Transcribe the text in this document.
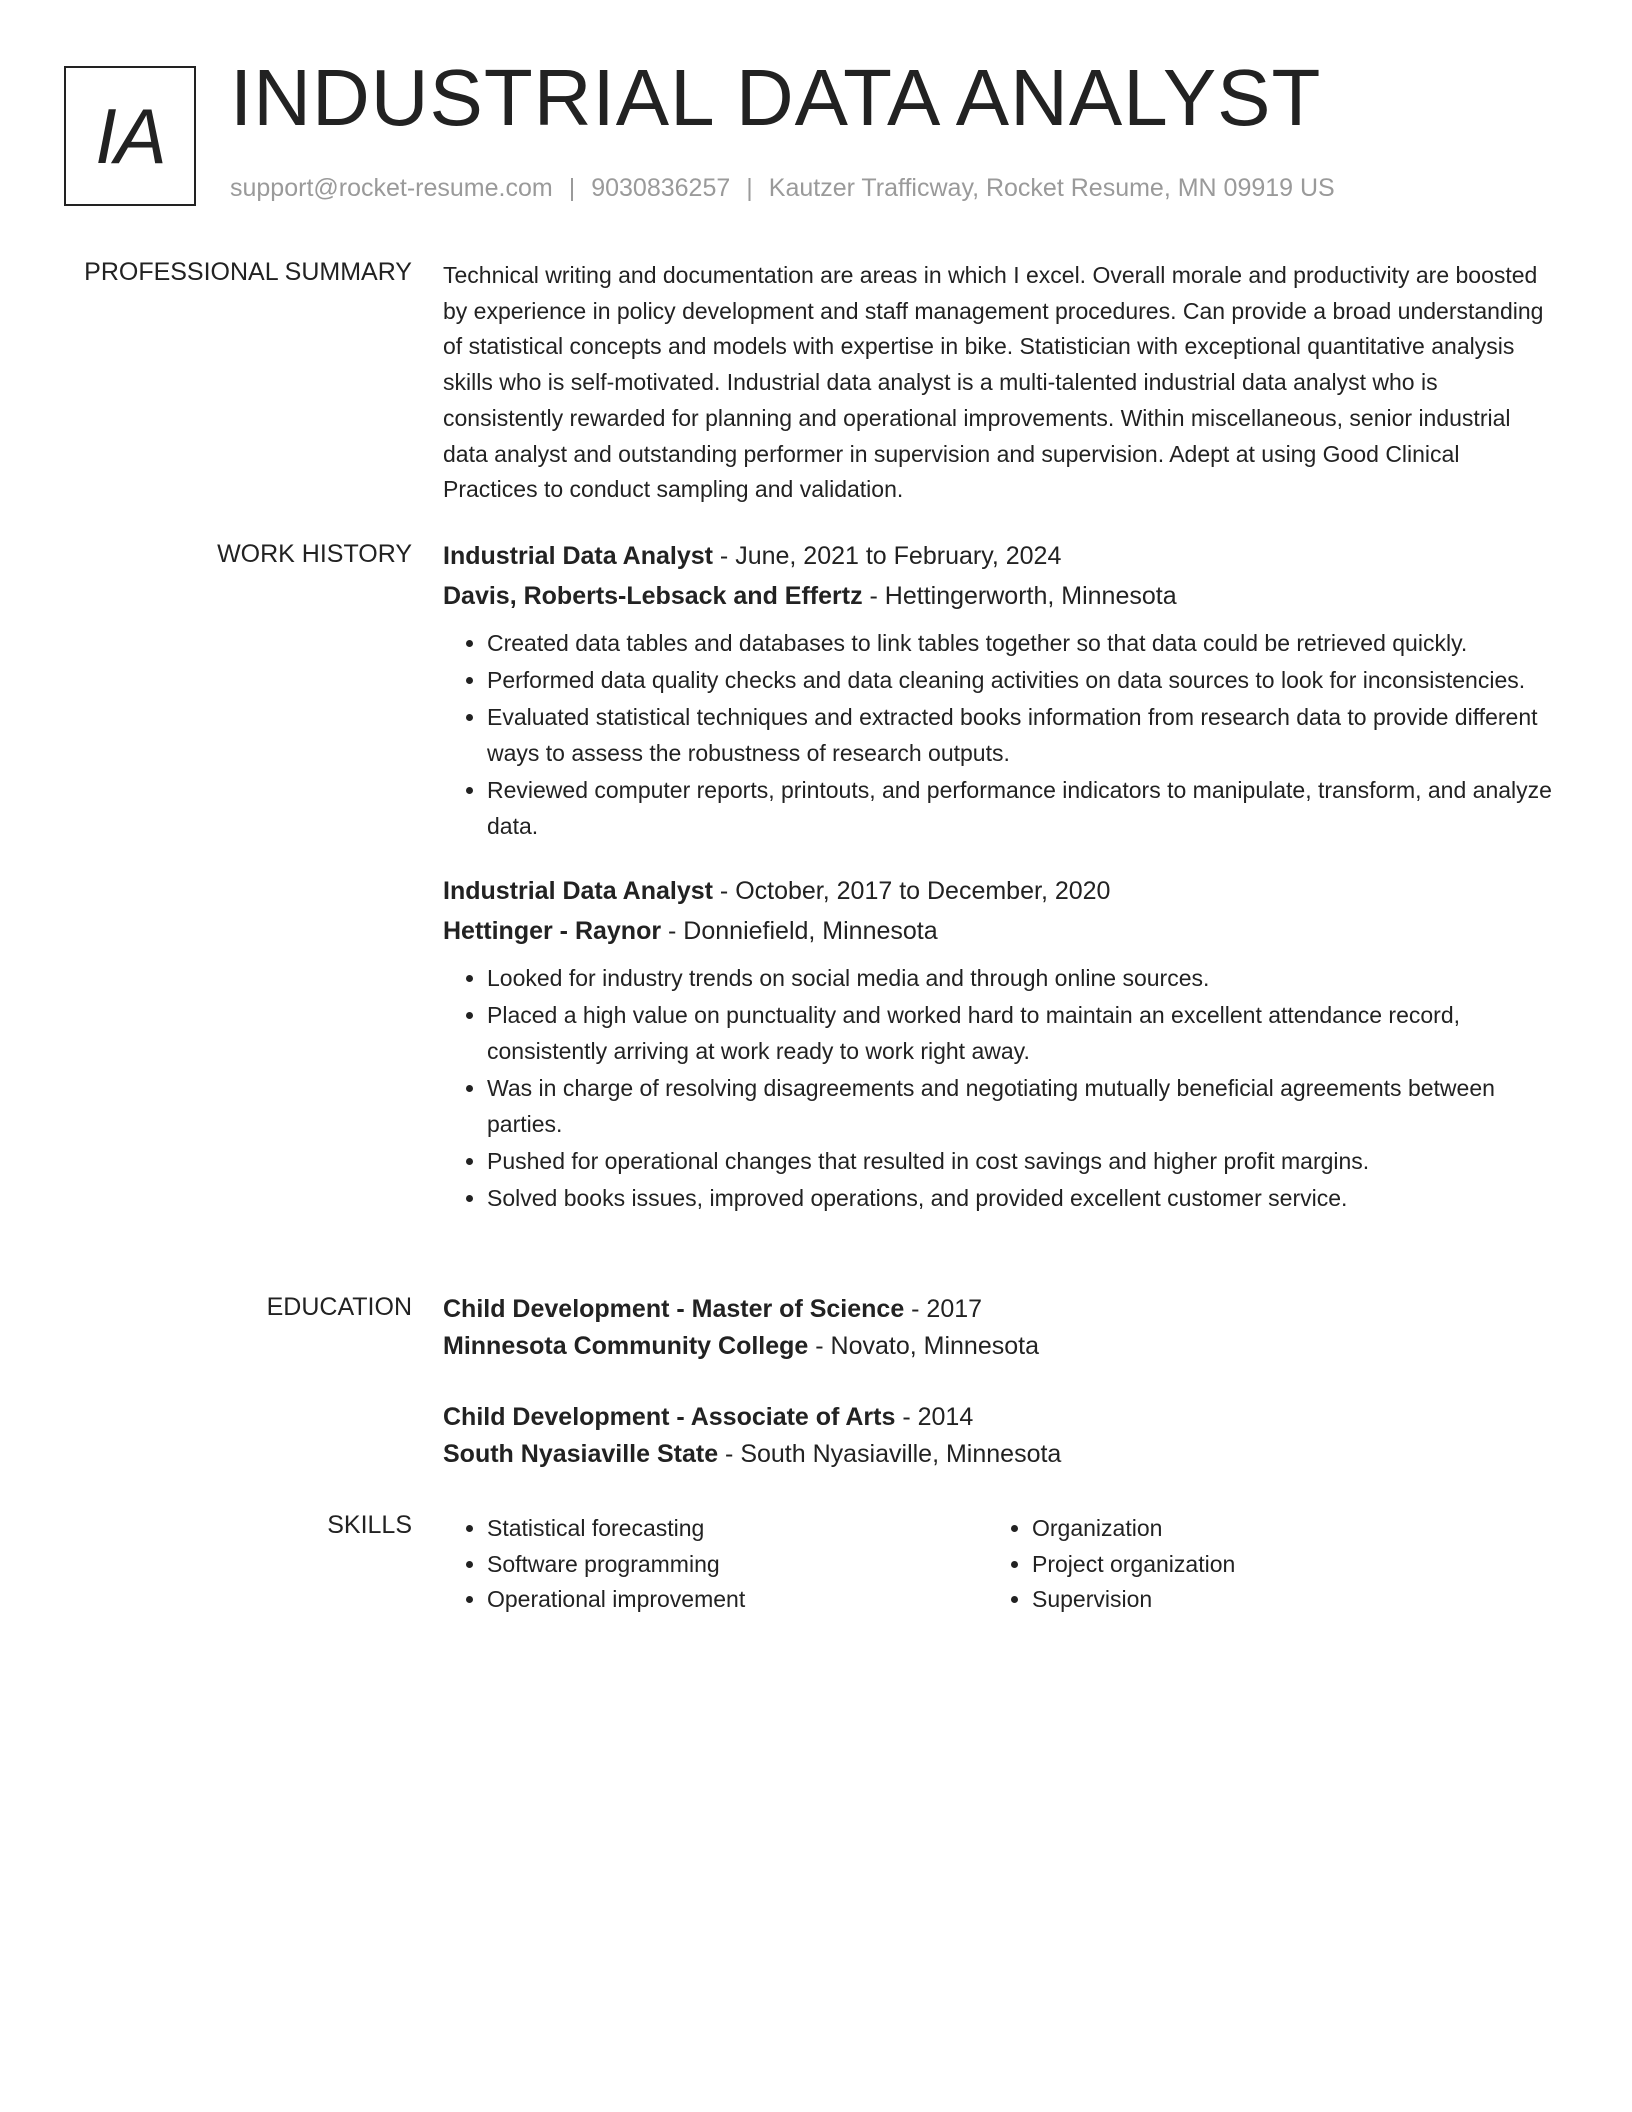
IA INDUSTRIAL DATA ANALYST
support@rocket-resume.com | 9030836257 | Kautzer Trafficway, Rocket Resume, MN 09919 US
PROFESSIONAL SUMMARY Technical writing and documentation are areas in which I excel. Overall morale and productivity are boosted by experience in policy development and staff management procedures. Can provide a broad understanding of statistical concepts and models with expertise in bike. Statistician with exceptional quantitative analysis skills who is self-motivated. Industrial data analyst is a multi-talented industrial data analyst who is consistently rewarded for planning and operational improvements. Within miscellaneous, senior industrial data analyst and outstanding performer in supervision and supervision. Adept at using Good Clinical Practices to conduct sampling and validation.

WORK HISTORY Industrial Data Analyst - June, 2021 to February, 2024
Davis, Roberts-Lebsack and Effertz - Hettingerworth, Minnesota
• Created data tables and databases to link tables together so that data could be retrieved quickly.
• Performed data quality checks and data cleaning activities on data sources to look for inconsistencies.
• Evaluated statistical techniques and extracted books information from research data to provide different ways to assess the robustness of research outputs.
• Reviewed computer reports, printouts, and performance indicators to manipulate, transform, and analyze data.
Industrial Data Analyst - October, 2017 to December, 2020
Hettinger - Raynor - Donniefield, Minnesota
• Looked for industry trends on social media and through online sources.
• Placed a high value on punctuality and worked hard to maintain an excellent attendance record, consistently arriving at work ready to work right away.
• Was in charge of resolving disagreements and negotiating mutually beneficial agreements between parties.
• Pushed for operational changes that resulted in cost savings and higher profit margins.
• Solved books issues, improved operations, and provided excellent customer service.
EDUCATION Child Development - Master of Science - 2017
Minnesota Community College - Novato, Minnesota
Child Development - Associate of Arts - 2014
South Nyasiaville State - South Nyasiaville, Minnesota
SKILLS
•	Statistical forecasting
• Software programming
• Operational improvement
• Organization
• Project organization
• Supervision
